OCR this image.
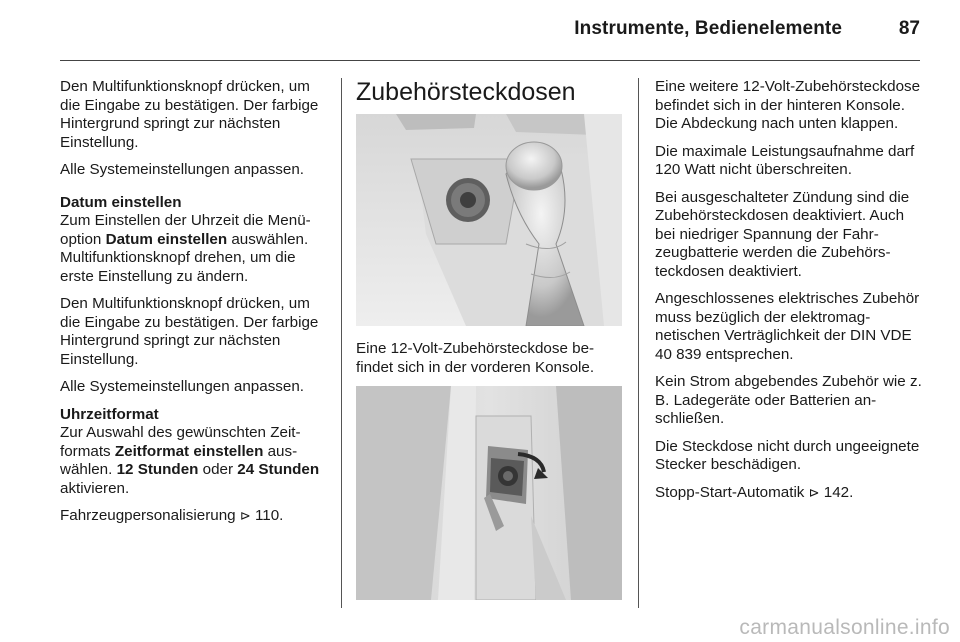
Instrumente, Bedienelemente	87

Den Multifunktionsknopf drücken, um die Eingabe zu bestätigen. Der farbige Hintergrund springt zur nächsten Einstellung.

Alle Systemeinstellungen anpassen.

Datum einstellen

Zum Einstellen der Uhrzeit die Menüoption Datum einstellen auswählen. Multifunktionsknopf drehen, um die erste Einstellung zu ändern.

Den Multifunktionsknopf drücken, um die Eingabe zu bestätigen. Der farbige Hintergrund springt zur nächsten Einstellung.

Alle Systemeinstellungen anpassen.

Uhrzeitformat

Zur Auswahl des gewünschten Zeitformats Zeitformat einstellen auswählen. 12 Stunden oder 24 Stunden aktivieren.

Fahrzeugpersonalisierung ⊳ 110.

Zubehörsteckdosen

Eine 12-Volt-Zubehörsteckdose befindet sich in der vorderen Konsole.

Eine weitere 12-Volt-Zubehörsteckdose befindet sich in der hinteren Konsole. Die Abdeckung nach unten klappen.

Die maximale Leistungsaufnahme darf 120 Watt nicht überschreiten.

Bei ausgeschalteter Zündung sind die Zubehörsteckdosen deaktiviert. Auch bei niedriger Spannung der Fahrzeugbatterie werden die Zubehörsteckdosen deaktiviert.

Angeschlossenes elektrisches Zubehör muss bezüglich der elektromagnetischen Verträglichkeit der DIN VDE 40 839 entsprechen.

Kein Strom abgebendes Zubehör wie z. B. Ladegeräte oder Batterien anschließen.

Die Steckdose nicht durch ungeeignete Stecker beschädigen.

Stopp-Start-Automatik ⊳ 142.

carmanualsonline.info
